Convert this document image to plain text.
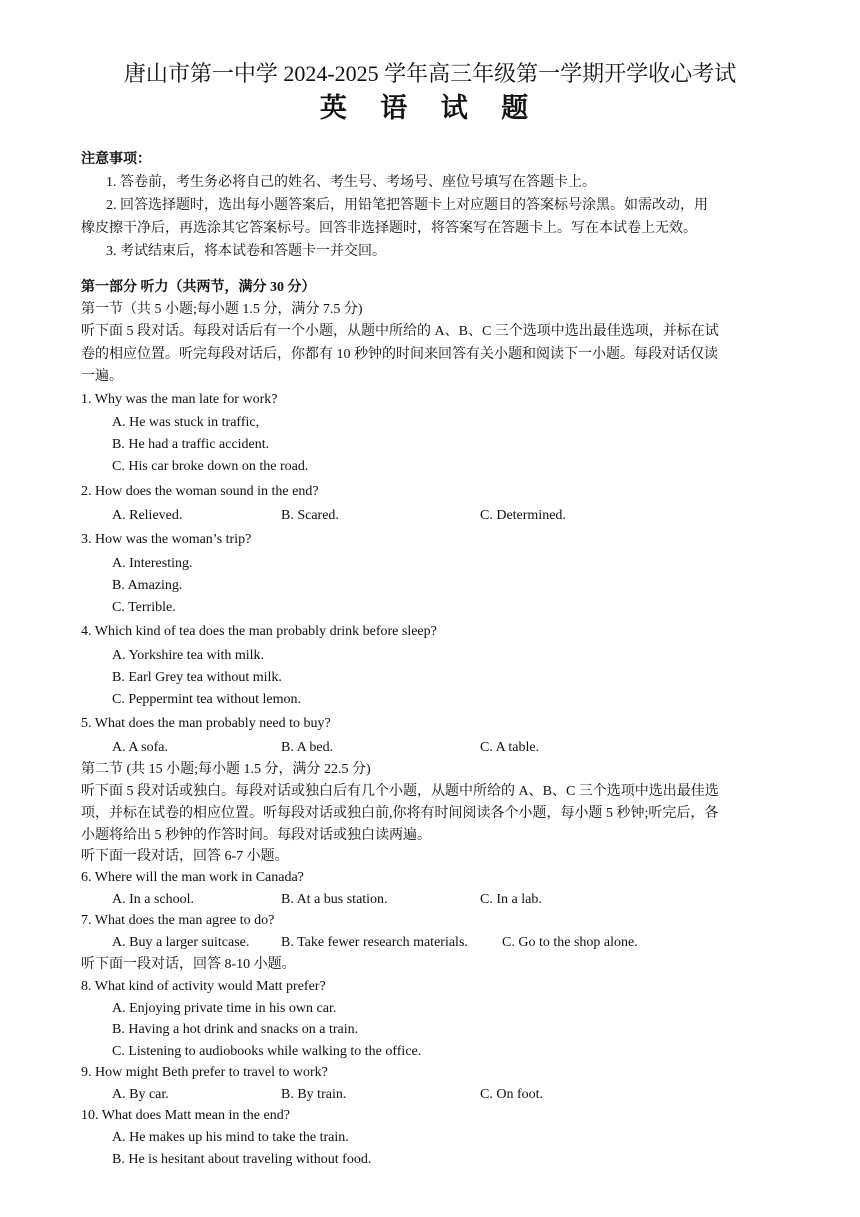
唐山市第一中学 2024-2025 学年高三年级第一学期开学收心考试
英 语 试 题
注意事项：
1. 答卷前，考生务必将自己的姓名、考生号、考场号、座位号填写在答题卡上。
2. 回答选择题时，选出每小题答案后，用铅笔把答题卡上对应题目的答案标号涂黑。如需改动，用
橡皮擦干净后，再选涂其它答案标号。回答非选择题时，将答案写在答题卡上。写在本试卷上无效。
3. 考试结束后，将本试卷和答题卡一并交回。
第一部分 听力（共两节，满分 30 分）
第一节（共 5 小题;每小题 1.5 分，满分 7.5 分)
听下面 5 段对话。每段对话后有一个小题，从题中所给的 A、B、C 三个选项中选出最佳选项，并标在试
卷的相应位置。听完每段对话后，你都有 10 秒钟的时间来回答有关小题和阅读下一小题。每段对话仅读
一遍。
1. Why was the man late for work?
A. He was stuck in traffic,
B. He had a traffic accident.
C. His car broke down on the road.
2. How does the woman sound in the end?
A. Relieved.	B. Scared.	C. Determined.
3. How was the woman’s trip?
A. Interesting.
B. Amazing.
C. Terrible.
4. Which kind of tea does the man probably drink before sleep?
A. Yorkshire tea with milk.
B. Earl Grey tea without milk.
C. Peppermint tea without lemon.
5. What does the man probably need to buy?
A. A sofa.	B. A bed.	C. A table.
第二节 (共 15 小题;每小题 1.5 分，满分 22.5 分)
听下面 5 段对话或独白。每段对话或独白后有几个小题，从题中所给的 A、B、C 三个选项中选出最佳选
项，并标在试卷的相应位置。听每段对话或独白前,你将有时间阅读各个小题，每小题 5 秒钟;听完后，各
小题将给出 5 秒钟的作答时间。每段对话或独白读两遍。
听下面一段对话，回答 6-7 小题。
6. Where will the man work in Canada?
A. In a school.	B. At a bus station.	C. In a lab.
7. What does the man agree to do?
A. Buy a larger suitcase. B. Take fewer research materials. C. Go to the shop alone.
听下面一段对话，回答 8-10 小题。
8. What kind of activity would Matt prefer?
A. Enjoying private time in his own car.
B. Having a hot drink and snacks on a train.
C. Listening to audiobooks while walking to the office.
9. How might Beth prefer to travel to work?
A. By car.	B. By train.	C. On foot.
10. What does Matt mean in the end?
A. He makes up his mind to take the train.
B. He is hesitant about traveling without food.
